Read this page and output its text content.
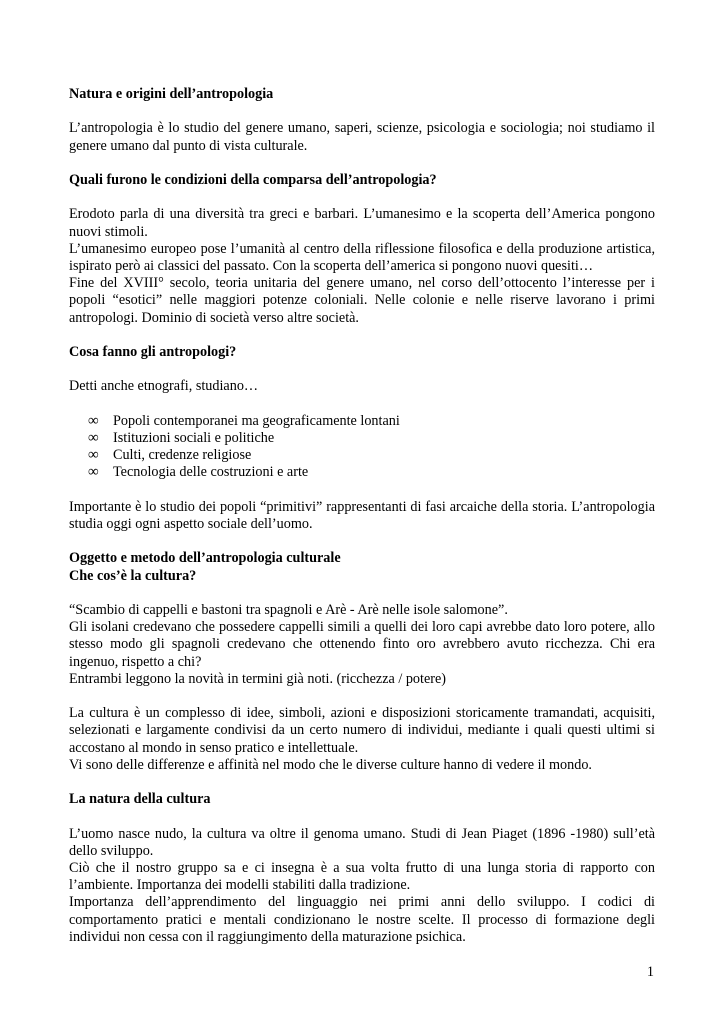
Natura e origini dell’antropologia

L’antropologia è lo studio del genere umano, saperi, scienze, psicologia e sociologia; noi studiamo il genere umano dal punto di vista culturale.

Quali furono le condizioni della comparsa dell’antropologia?

Erodoto parla di una diversità tra greci e barbari. L’umanesimo e la scoperta dell’America pongono nuovi stimoli.

L’umanesimo europeo pose l’umanità al centro della riflessione filosofica e della produzione artistica, ispirato però ai classici del passato. Con la scoperta dell’america si pongono nuovi quesiti…

Fine del XVIII° secolo, teoria unitaria del genere umano, nel corso dell’ottocento l’interesse per i popoli “esotici” nelle maggiori potenze coloniali. Nelle colonie e nelle riserve lavorano i primi antropologi. Dominio di società verso altre società.

Cosa fanno gli antropologi?

Detti anche etnografi, studiano…

∞	Popoli contemporanei ma geograficamente lontani
∞	Istituzioni sociali e politiche
∞	Culti, credenze religiose
∞	Tecnologia delle costruzioni e arte

Importante è lo studio dei popoli “primitivi” rappresentanti di fasi arcaiche della storia. L’antropologia studia oggi ogni aspetto sociale dell’uomo.

Oggetto e metodo dell’antropologia culturale

Che cos’è la cultura?

“Scambio di cappelli e bastoni tra spagnoli e Arè - Arè nelle isole salomone”.

Gli isolani credevano che possedere cappelli simili a quelli dei loro capi avrebbe dato loro potere, allo stesso modo gli spagnoli credevano che ottenendo finto oro avrebbero avuto ricchezza. Chi era ingenuo, rispetto a chi?

Entrambi leggono la novità in termini già noti. (ricchezza / potere)

La cultura è un complesso di idee, simboli, azioni e disposizioni storicamente tramandati, acquisiti, selezionati e largamente condivisi da un certo numero di individui, mediante i quali questi ultimi si accostano al mondo in senso pratico e intellettuale.

Vi sono delle differenze e affinità nel modo che le diverse culture hanno di vedere il mondo.

La natura della cultura

L’uomo nasce nudo, la cultura va oltre il genoma umano. Studi di Jean Piaget (1896 -1980) sull’età dello sviluppo.

Ciò che il nostro gruppo sa e ci insegna è a sua volta frutto di una lunga storia di rapporto con l’ambiente. Importanza dei modelli stabiliti dalla tradizione.

Importanza dell’apprendimento del linguaggio nei primi anni dello sviluppo. I codici di comportamento pratici e mentali condizionano le nostre scelte. Il processo di formazione degli individui non cessa con il raggiungimento della maturazione psichica.

1
